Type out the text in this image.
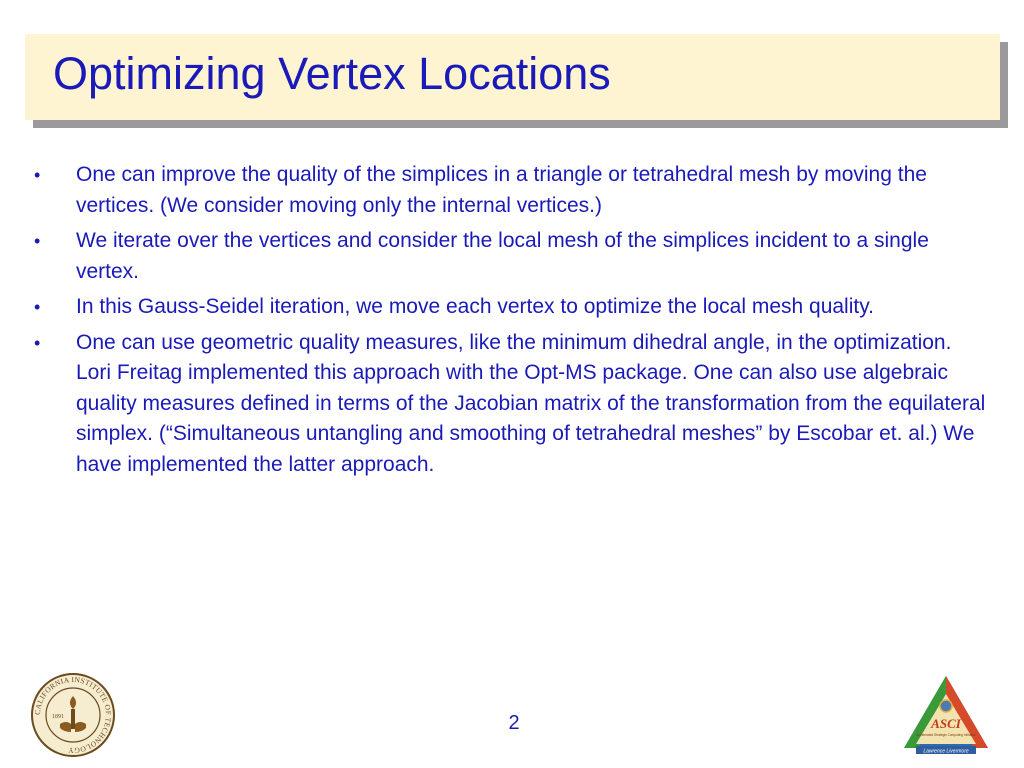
Optimizing Vertex Locations
• One can improve the quality of the simplices in a triangle or tetrahedral mesh by moving the vertices. (We consider moving only the internal vertices.)
• We iterate over the vertices and consider the local mesh of the simplices incident to a single vertex.
• In this Gauss-Seidel iteration, we move each vertex to optimize the local mesh quality.
• One can use geometric quality measures, like the minimum dihedral angle, in the optimization. Lori Freitag implemented this approach with the Opt-MS package. One can also use algebraic quality measures defined in terms of the Jacobian matrix of the transformation from the equilateral simplex. (“Simultaneous untangling and smoothing of tetrahedral meshes” by Escobar et. al.) We have implemented the latter approach.
CALIFORNIA INSTITUTE OF TECHNOLOGY
1891	2	ASCI
Accelerated Strategic Computing Initiative
Lawrence Livermore
